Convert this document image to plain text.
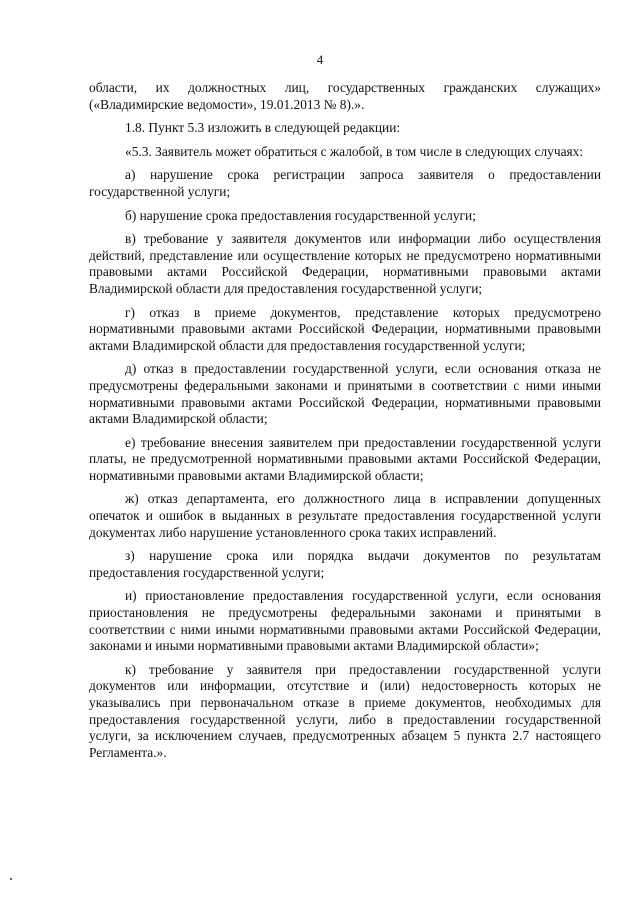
4

области, их должностных лиц, государственных гражданских служащих» («Владимирские ведомости», 19.01.2013 № 8).».

1.8. Пункт 5.3 изложить в следующей редакции:

«5.3. Заявитель может обратиться с жалобой, в том числе в следующих случаях:

а) нарушение срока регистрации запроса заявителя о предоставлении государственной услуги;

б) нарушение срока предоставления государственной услуги;

в) требование у заявителя документов или информации либо осуществления действий, представление или осуществление которых не предусмотрено нормативными правовыми актами Российской Федерации, нормативными правовыми актами Владимирской области для предоставления государственной услуги;

г) отказ в приеме документов, представление которых предусмотрено нормативными правовыми актами Российской Федерации, нормативными правовыми актами Владимирской области для предоставления государственной услуги;

д) отказ в предоставлении государственной услуги, если основания отказа не предусмотрены федеральными законами и принятыми в соответствии с ними иными нормативными правовыми актами Российской Федерации, нормативными правовыми актами Владимирской области;

е) требование внесения заявителем при предоставлении государственной услуги платы, не предусмотренной нормативными правовыми актами Российской Федерации, нормативными правовыми актами Владимирской области;

ж) отказ департамента, его должностного лица в исправлении допущенных опечаток и ошибок в выданных в результате предоставления государственной услуги документах либо нарушение установленного срока таких исправлений.

з) нарушение срока или порядка выдачи документов по результатам предоставления государственной услуги;

и) приостановление предоставления государственной услуги, если основания приостановления не предусмотрены федеральными законами и принятыми в соответствии с ними иными нормативными правовыми актами Российской Федерации, законами и иными нормативными правовыми актами Владимирской области»;

к) требование у заявителя при предоставлении государственной услуги документов или информации, отсутствие и (или) недостоверность которых не указывались при первоначальном отказе в приеме документов, необходимых для предоставления государственной услуги, либо в предоставлении государственной услуги, за исключением случаев, предусмотренных абзацем 5 пункта 2.7 настоящего Регламента.».
